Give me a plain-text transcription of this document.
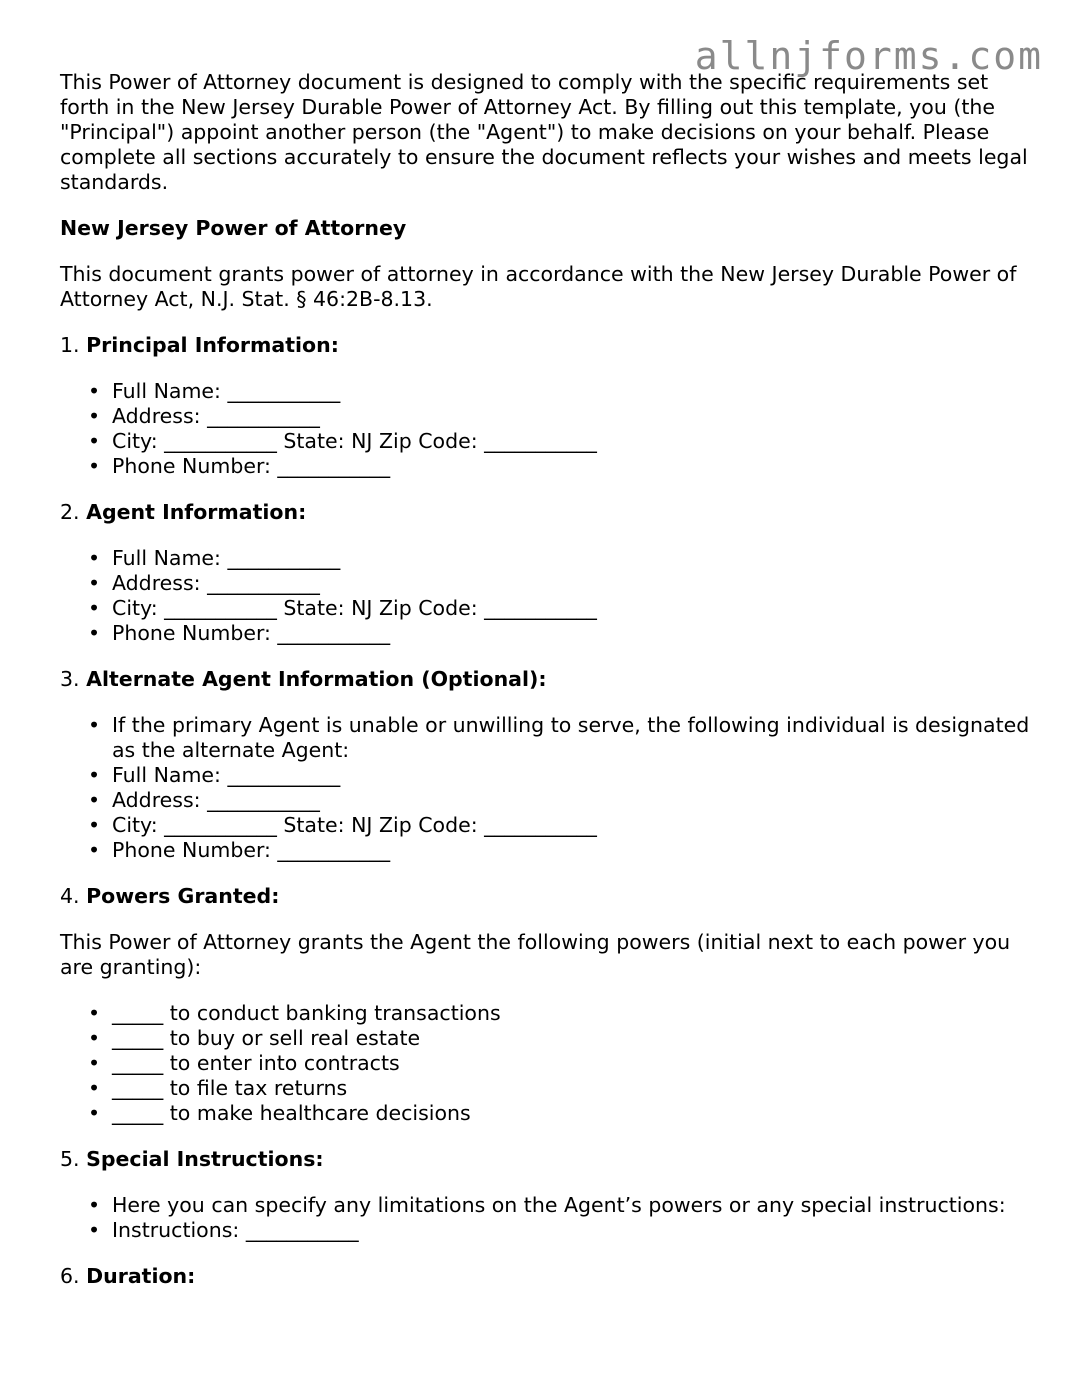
allnjforms.com

This Power of Attorney document is designed to comply with the specific requirements set forth in the New Jersey Durable Power of Attorney Act. By filling out this template, you (the "Principal") appoint another person (the "Agent") to make decisions on your behalf. Please complete all sections accurately to ensure the document reflects your wishes and meets legal standards.

New Jersey Power of Attorney

This document grants power of attorney in accordance with the New Jersey Durable Power of Attorney Act, N.J. Stat. § 46:2B-8.13.

1. Principal Information:

• Full Name: ___________
• Address: ___________
• City: ___________ State: NJ Zip Code: ___________
• Phone Number: ___________

2. Agent Information:

• Full Name: ___________
• Address: ___________
• City: ___________ State: NJ Zip Code: ___________
• Phone Number: ___________

3. Alternate Agent Information (Optional):

• If the primary Agent is unable or unwilling to serve, the following individual is designated as the alternate Agent:
• Full Name: ___________
• Address: ___________
• City: ___________ State: NJ Zip Code: ___________
• Phone Number: ___________

4. Powers Granted:

This Power of Attorney grants the Agent the following powers (initial next to each power you are granting):

• _____ to conduct banking transactions
• _____ to buy or sell real estate
• _____ to enter into contracts
• _____ to file tax returns
• _____ to make healthcare decisions

5. Special Instructions:

• Here you can specify any limitations on the Agent’s powers or any special instructions:
• Instructions: ___________

6. Duration:
